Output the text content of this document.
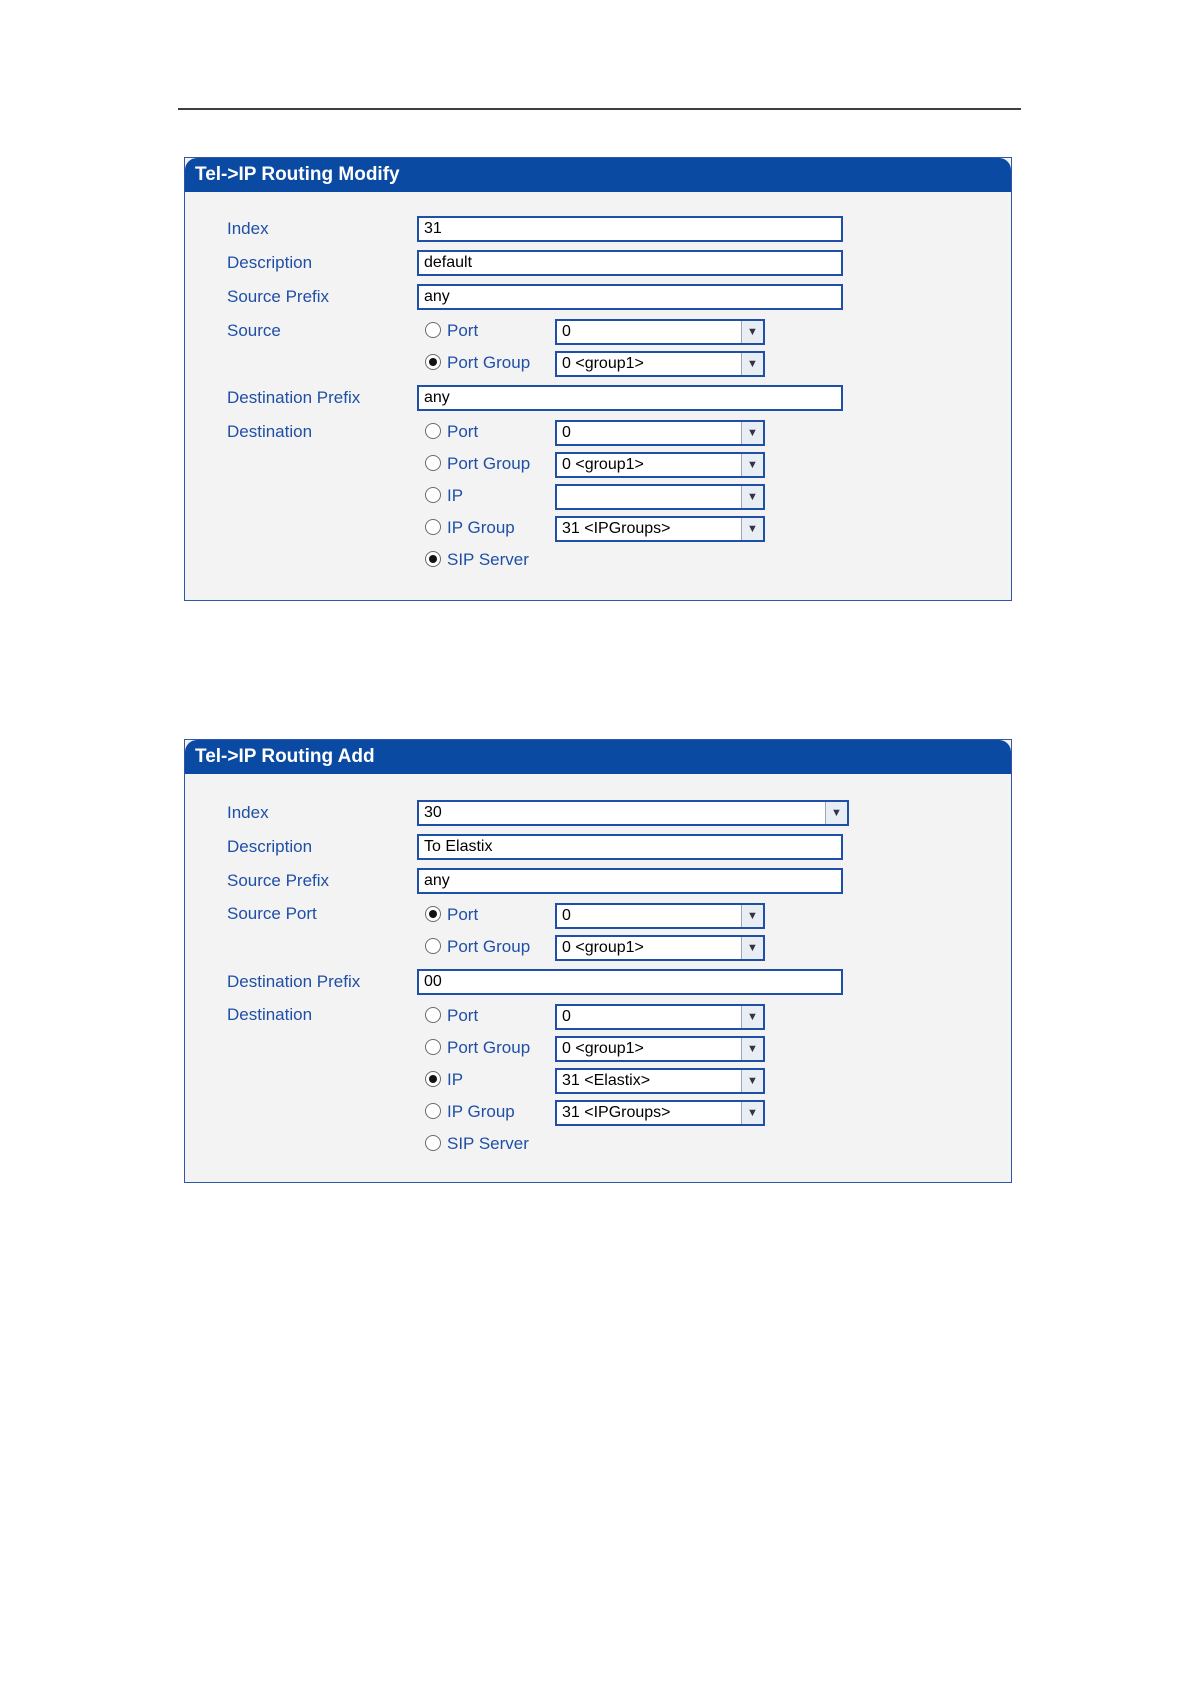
Tel->IP Routing Modify
Index	31
Description	default
Source Prefix	any
Source	Port	0	▼
Port Group 0 <group1>	▼
Destination Prefix	any
Destination	Port	0	▼
Port Group 0 <group1>	▼
IP	▼
IP Group	31 <IPGroups>	▼
SIP Server
Tel->IP Routing Add
Index	30	▼
Description	To Elastix
Source Prefix	any
Source Port	Port	0	▼
Port Group 0 <group1>	▼
Destination Prefix	00
Destination	Port	0	▼
Port Group 0 <group1>	▼
IP	31 <Elastix>	▼
IP Group	31 <IPGroups>	▼
SIP Server
